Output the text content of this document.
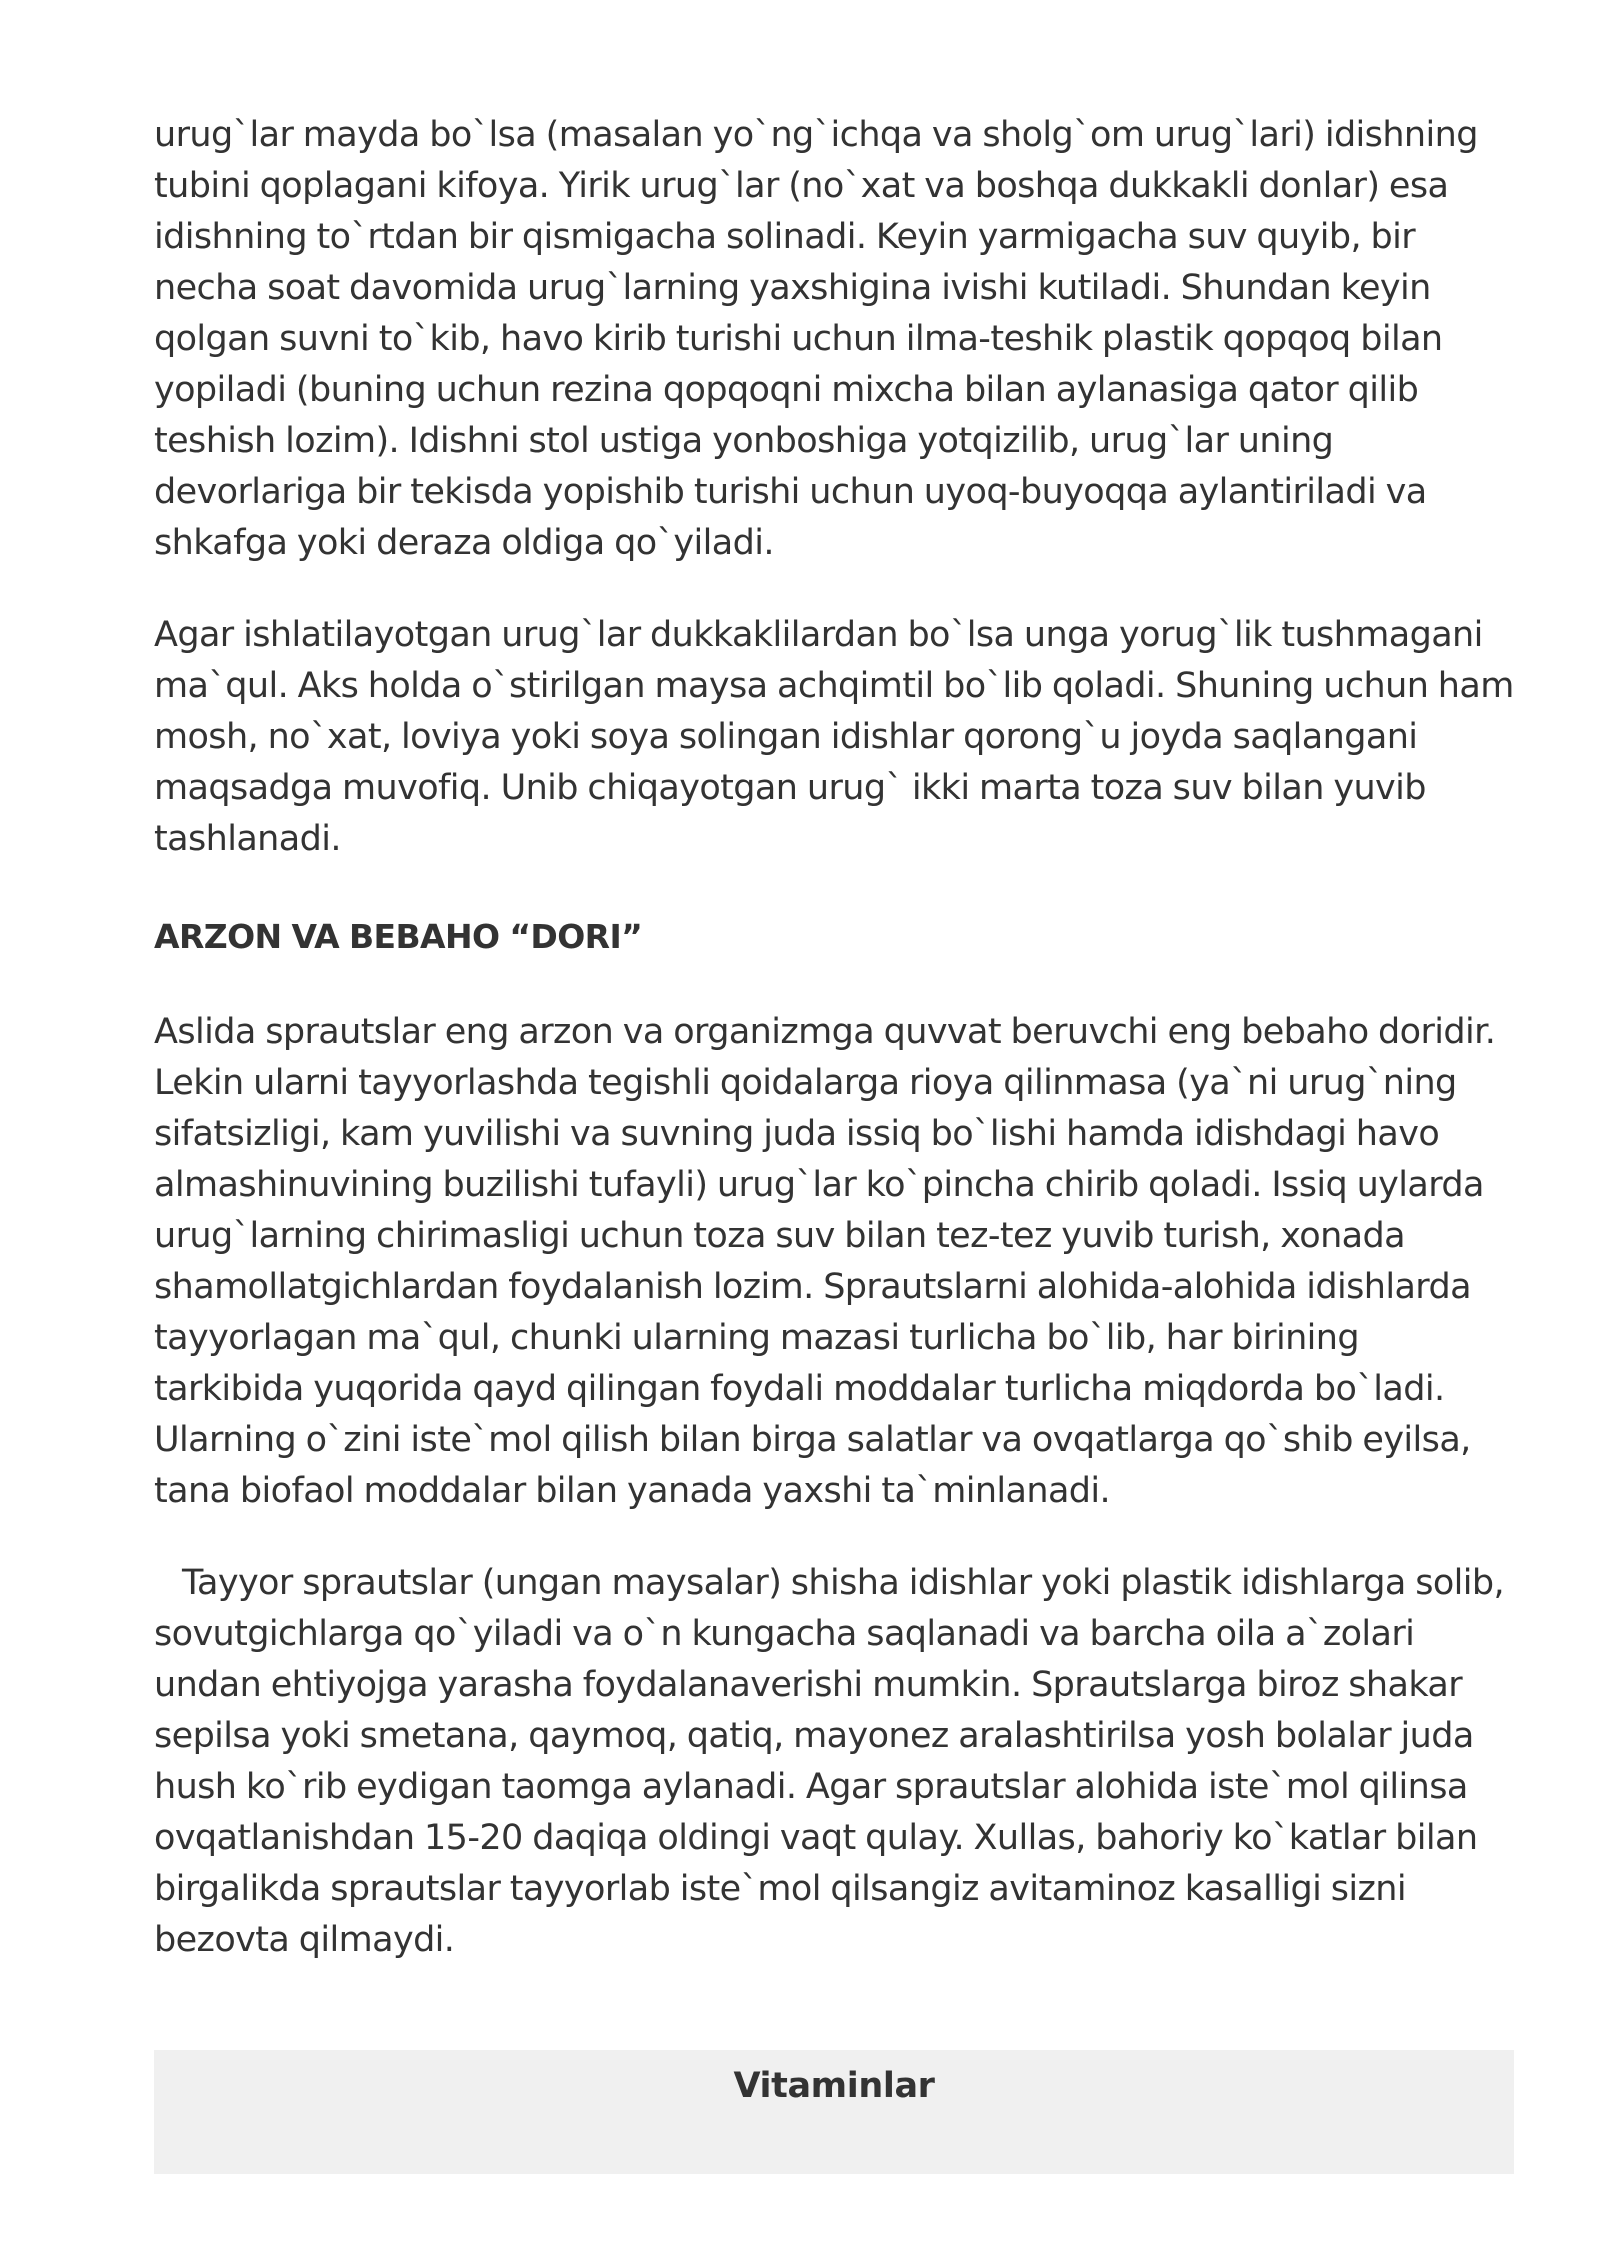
urug`lar mayda bo`lsa (masalan yo`ng`ichqa va sholg`om urug`lari) idishning tubini qoplagani kifoya. Yirik urug`lar (no`xat va boshqa dukkakli donlar) esa idishning to`rtdan bir qismigacha solinadi. Keyin yarmigacha suv quyib, bir necha soat davomida urug`larning yaxshigina ivishi kutiladi. Shundan keyin qolgan suvni to`kib, havo kirib turishi uchun ilma-teshik plastik qopqoq bilan yopiladi (buning uchun rezina qopqoqni mixcha bilan aylanasiga qator qilib teshish lozim). Idishni stol ustiga yonboshiga yotqizilib, urug`lar uning devorlariga bir tekisda yopishib turishi uchun uyoq-buyoqqa aylantiriladi va shkafga yoki deraza oldiga qo`yiladi.

Agar ishlatilayotgan urug`lar dukkaklilardan bo`lsa unga yorug`lik tushmagani ma`qul. Aks holda o`stirilgan maysa achqimtil bo`lib qoladi. Shuning uchun ham mosh, no`xat, loviya yoki soya solingan idishlar qorong`u joyda saqlangani maqsadga muvofiq. Unib chiqayotgan urug` ikki marta toza suv bilan yuvib tashlanadi.

ARZON VA BEBAHO “DORI”

Aslida sprautslar eng arzon va organizmga quvvat beruvchi eng bebaho doridir. Lekin ularni tayyorlashda tegishli qoidalarga rioya qilinmasa (ya`ni urug`ning sifatsizligi, kam yuvilishi va suvning juda issiq bo`lishi hamda idishdagi havo almashinuvining buzilishi tufayli) urug`lar ko`pincha chirib qoladi. Issiq uylarda urug`larning chirimasligi uchun toza suv bilan tez-tez yuvib turish, xonada shamollatgichlardan foydalanish lozim. Sprautslarni alohida-alohida idishlarda tayyorlagan ma`qul, chunki ularning mazasi turlicha bo`lib, har birining tarkibida yuqorida qayd qilingan foydali moddalar turlicha miqdorda bo`ladi. Ularning o`zini iste`mol qilish bilan birga salatlar va ovqatlarga qo`shib eyilsa, tana biofaol moddalar bilan yanada yaxshi ta`minlanadi.

Tayyor sprautslar (ungan maysalar) shisha idishlar yoki plastik idishlarga solib, sovutgichlarga qo`yiladi va o`n kungacha saqlanadi va barcha oila a`zolari undan ehtiyojga yarasha foydalanaverishi mumkin. Sprautslarga biroz shakar sepilsa yoki smetana, qaymoq, qatiq, mayonez aralashtirilsa yosh bolalar juda hush ko`rib eydigan taomga aylanadi. Agar sprautslar alohida iste`mol qilinsa ovqatlanishdan 15-20 daqiqa oldingi vaqt qulay. Xullas, bahoriy ko`katlar bilan birgalikda sprautslar tayyorlab iste`mol qilsangiz avitaminoz kasalligi sizni bezovta qilmaydi.

Vitaminlar
